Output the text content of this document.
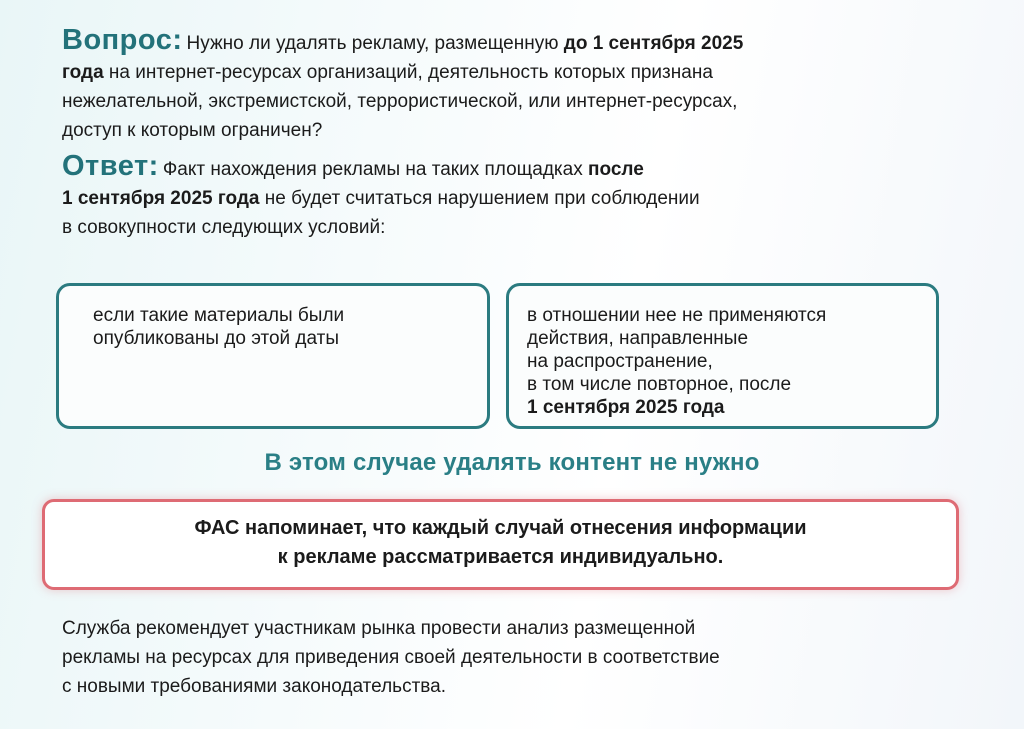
Вопрос: Нужно ли удалять рекламу, размещенную до 1 сентября 2025
года на интернет-ресурсах организаций, деятельность которых признана
нежелательной, экстремистской, террористической, или интернет-ресурсах,
доступ к которым ограничен?
Ответ: Факт нахождения рекламы на таких площадках после
1 сентября 2025 года не будет считаться нарушением при соблюдении
в совокупности следующих условий:
если такие материалы были
опубликованы до этой даты
в отношении нее не применяются
действия, направленные
на распространение,
в том числе повторное, после
1 сентября 2025 года
В этом случае удалять контент не нужно
ФАС напоминает, что каждый случай отнесения информации
к рекламе рассматривается индивидуально.
Служба рекомендует участникам рынка провести анализ размещенной
рекламы на ресурсах для приведения своей деятельности в соответствие
с новыми требованиями законодательства.
